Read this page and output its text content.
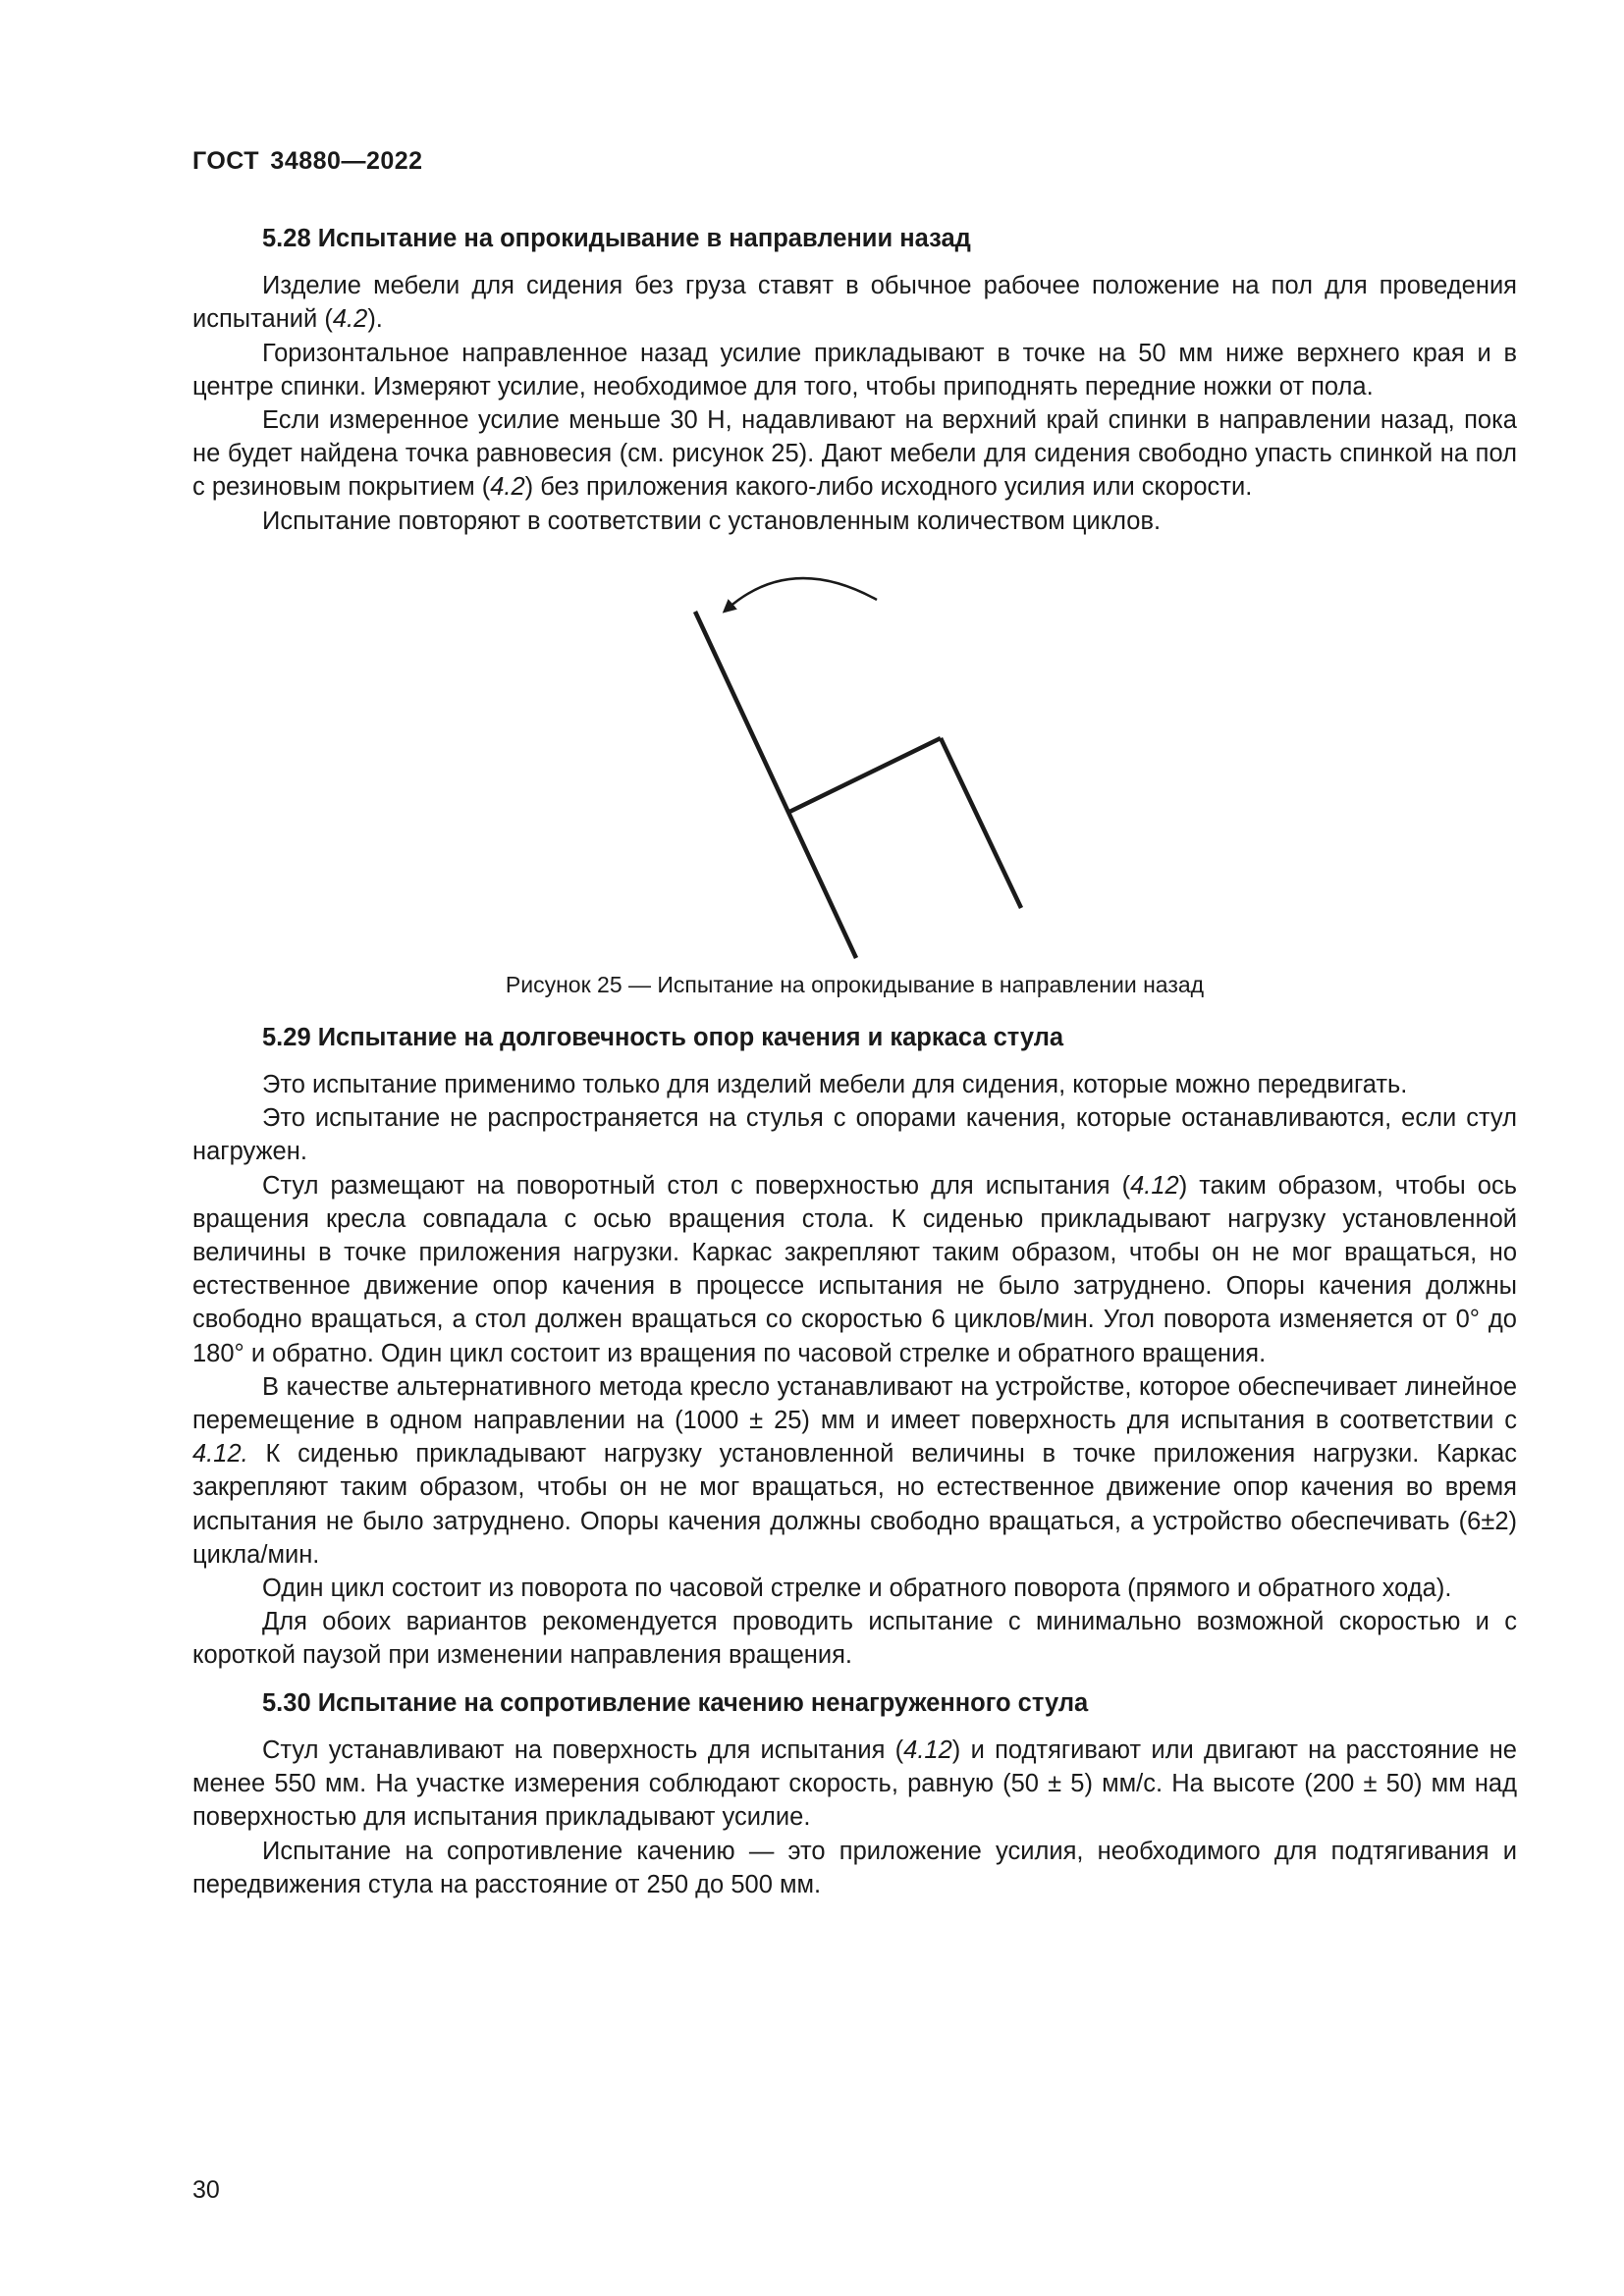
ГОСТ 34880—2022
5.28 Испытание на опрокидывание в направлении назад

Изделие мебели для сидения без груза ставят в обычное рабочее положение на пол для проведения испытаний (4.2).

Горизонтальное направленное назад усилие прикладывают в точке на 50 мм ниже верхнего края и в центре спинки. Измеряют усилие, необходимое для того, чтобы приподнять передние ножки от пола.

Если измеренное усилие меньше 30 Н, надавливают на верхний край спинки в направлении назад, пока не будет найдена точка равновесия (см. рисунок 25). Дают мебели для сидения свободно упасть спинкой на пол с резиновым покрытием (4.2) без приложения какого-либо исходного усилия или скорости.

Испытание повторяют в соответствии с установленным количеством циклов.

Рисунок 25 — Испытание на опрокидывание в направлении назад
5.29 Испытание на долговечность опор качения и каркаса стула

Это испытание применимо только для изделий мебели для сидения, которые можно передвигать.

Это испытание не распространяется на стулья с опорами качения, которые останавливаются, если стул нагружен.

Стул размещают на поворотный стол с поверхностью для испытания (4.12) таким образом, чтобы ось вращения кресла совпадала с осью вращения стола. К сиденью прикладывают нагрузку установленной величины в точке приложения нагрузки. Каркас закрепляют таким образом, чтобы он не мог вращаться, но естественное движение опор качения в процессе испытания не было затруднено. Опоры качения должны свободно вращаться, а стол должен вращаться со скоростью 6 циклов/мин. Угол поворота изменяется от 0° до 180° и обратно. Один цикл состоит из вращения по часовой стрелке и обратного вращения.

В качестве альтернативного метода кресло устанавливают на устройстве, которое обеспечивает линейное перемещение в одном направлении на (1000 ± 25) мм и имеет поверхность для испытания в соответствии с 4.12. К сиденью прикладывают нагрузку установленной величины в точке приложения нагрузки. Каркас закрепляют таким образом, чтобы он не мог вращаться, но естественное движение опор качения во время испытания не было затруднено. Опоры качения должны свободно вращаться, а устройство обеспечивать (6±2) цикла/мин.

Один цикл состоит из поворота по часовой стрелке и обратного поворота (прямого и обратного хода).

Для обоих вариантов рекомендуется проводить испытание с минимально возможной скоростью и с короткой паузой при изменении направления вращения.

5.30 Испытание на сопротивление качению ненагруженного стула

Стул устанавливают на поверхность для испытания (4.12) и подтягивают или двигают на расстояние не менее 550 мм. На участке измерения соблюдают скорость, равную (50 ± 5) мм/с. На высоте (200 ± 50) мм над поверхностью для испытания прикладывают усилие.

Испытание на сопротивление качению — это приложение усилия, необходимого для подтягивания и передвижения стула на расстояние от 250 до 500 мм.

30
